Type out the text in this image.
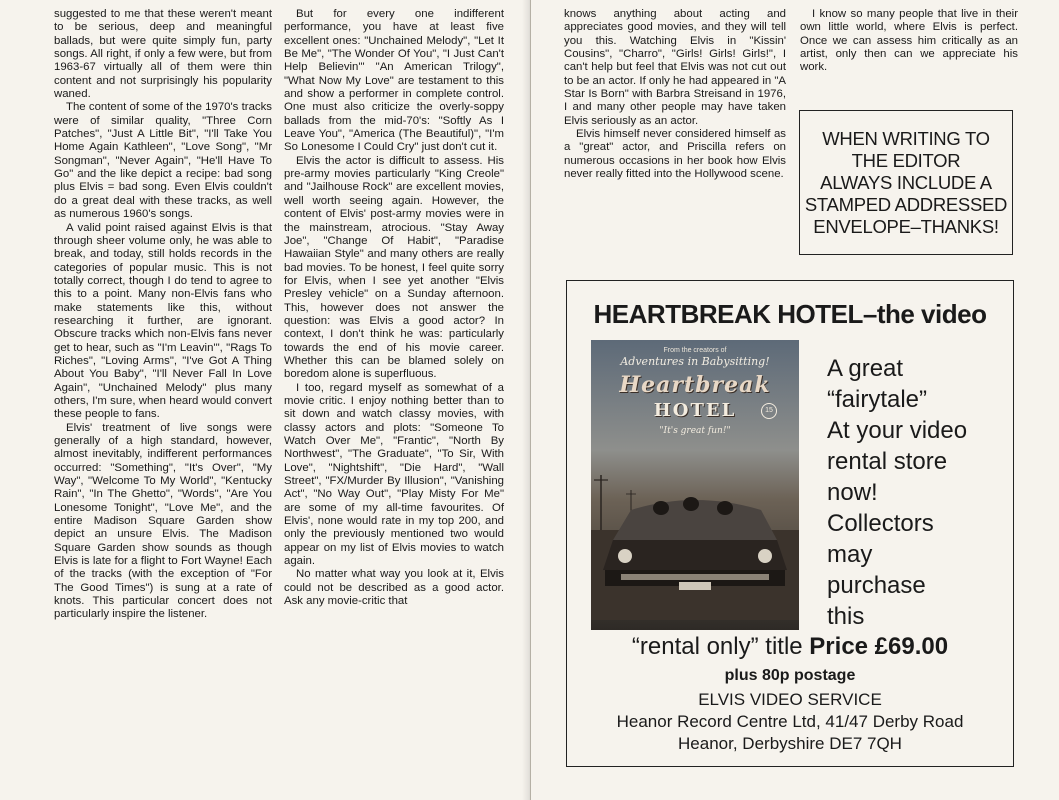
suggested to me that these weren't meant to be serious, deep and meaningful ballads, but were quite simply fun, party songs. All right, if only a few were, but from 1963-67 virtually all of them were thin content and not surprisingly his popularity waned.

The content of some of the 1970's tracks were of similar quality, "Three Corn Patches", "Just A Little Bit", "I'll Take You Home Again Kathleen", "Love Song", "Mr Songman", "Never Again", "He'll Have To Go" and the like depict a recipe: bad song plus Elvis = bad song. Even Elvis couldn't do a great deal with these tracks, as well as numerous 1960's songs.

A valid point raised against Elvis is that through sheer volume only, he was able to break, and today, still holds records in the categories of popular music. This is not totally correct, though I do tend to agree to this to a point. Many non-Elvis fans who make statements like this, without researching it further, are ignorant. Obscure tracks which non-Elvis fans never get to hear, such as "I'm Leavin'", "Rags To Riches", "Loving Arms", "I've Got A Thing About You Baby", "I'll Never Fall In Love Again", "Unchained Melody" plus many others, I'm sure, when heard would convert these people to fans.

Elvis' treatment of live songs were generally of a high standard, however, almost inevitably, indifferent performances occurred: "Something", "It's Over", "My Way", "Welcome To My World", "Kentucky Rain", "In The Ghetto", "Words", "Are You Lonesome Tonight", "Love Me", and the entire Madison Square Garden show depict an unsure Elvis. The Madison Square Garden show sounds as though Elvis is late for a flight to Fort Wayne! Each of the tracks (with the exception of "For The Good Times") is sung at a rate of knots. This particular concert does not particularly inspire the listener.

But for every one indifferent performance, you have at least five excellent ones: "Unchained Melody", "Let It Be Me", "The Wonder Of You", "I Just Can't Help Believin'" "An American Trilogy", "What Now My Love" are testament to this and show a performer in complete control. One must also criticize the overly-soppy ballads from the mid-70's: "Softly As I Leave You", "America (The Beautiful)", "I'm So Lonesome I Could Cry" just don't cut it.

Elvis the actor is difficult to assess. His pre-army movies particularly "King Creole" and "Jailhouse Rock" are excellent movies, well worth seeing again. However, the content of Elvis' post-army movies were in the mainstream, atrocious. "Stay Away Joe", "Change Of Habit", "Paradise Hawaiian Style" and many others are really bad movies. To be honest, I feel quite sorry for Elvis, when I see yet another "Elvis Presley vehicle" on a Sunday afternoon. This, however does not answer the question: was Elvis a good actor? In context, I don't think he was: particularly towards the end of his movie career. Whether this can be blamed solely on boredom alone is superfluous.

I too, regard myself as somewhat of a movie critic. I enjoy nothing better than to sit down and watch classy movies, with classy actors and plots: "Someone To Watch Over Me", "Frantic", "North By Northwest", "The Graduate", "To Sir, With Love", "Nightshift", "Die Hard", "Wall Street", "FX/Murder By Illusion", "Vanishing Act", "No Way Out", "Play Misty For Me" are some of my all-time favourites. Of Elvis', none would rate in my top 200, and only the previously mentioned two would appear on my list of Elvis movies to watch again.

No matter what way you look at it, Elvis could not be described as a good actor. Ask any movie-critic that

knows anything about acting and appreciates good movies, and they will tell you this. Watching Elvis in "Kissin' Cousins", "Charro", "Girls! Girls! Girls!", I can't help but feel that Elvis was not cut out to be an actor. If only he had appeared in "A Star Is Born" with Barbra Streisand in 1976, I and many other people may have taken Elvis seriously as an actor.

Elvis himself never considered himself as a "great" actor, and Priscilla refers on numerous occasions in her book how Elvis never really fitted into the Hollywood scene.

I know so many people that live in their own little world, where Elvis is perfect. Once we can assess him critically as an artist, only then can we appreciate his work.

WHEN WRITING TO
THE EDITOR
ALWAYS INCLUDE A
STAMPED ADDRESSED
ENVELOPE–THANKS!
HEARTBREAK HOTEL–the video
From the creators of
Adventures in Babysitting!
Heartbreak
HOTEL	15
"It's great fun!"
A great
“fairytale”
At your video
rental store
now!
Collectors
may
purchase
this
“rental only” title Price £69.00
plus 80p postage
ELVIS VIDEO SERVICE
Heanor Record Centre Ltd, 41/47 Derby Road
Heanor, Derbyshire DE7 7QH
